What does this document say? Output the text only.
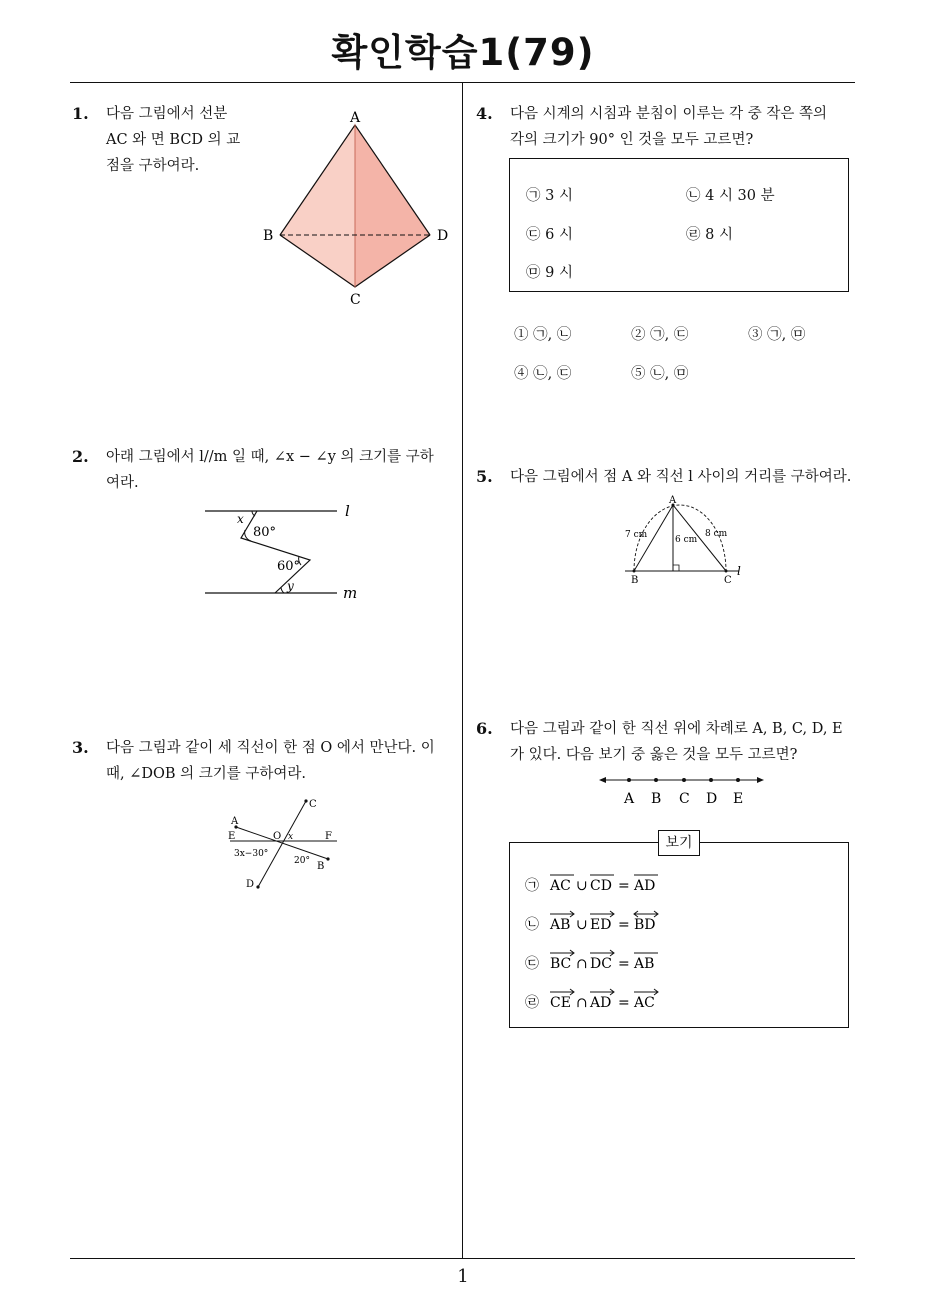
확인학습1(79)
1
1. 다음 그림에서 선분
AC 와 면 BCD 의 교
점을 구하여라.
A
B
C
D
2. 아래 그림에서 l//m 일 때, ∠x − ∠y 의 크기를 구하
여라.
l
m
x
80°
60°
y
3. 다음 그림과 같이 세 직선이 한 점 O 에서 만난다. 이
때, ∠DOB 의 크기를 구하여라.
C
A
E	O x	F
3x−30°
20° B
D
4. 다음 시계의 시침과 분침이 이루는 각 중 작은 쪽의
각의 크기가 90° 인 것을 모두 고르면?
㉠ 3 시	㉡ 4 시 30 분
㉢ 6 시	㉣ 8 시
㉤ 9 시
① ㉠, ㉡	② ㉠, ㉢	③ ㉠, ㉤
④ ㉡, ㉢	⑤ ㉡, ㉤
5. 다음 그림에서 점 A 와 직선 l 사이의 거리를 구하여라.
A
B	C
l
7 cm	6 cm
8 cm
6. 다음 그림과 같이 한 직선 위에 차례로 A, B, C, D, E
가 있다. 다음 보기 중 옳은 것을 모두 고르면?
A B C D E
보기
㉠ AC ∪ CD = AD
㉡ AB ∪ ED = BD
㉢ BC ∩ DC = AB
㉣ CE ∩ AD = AC
